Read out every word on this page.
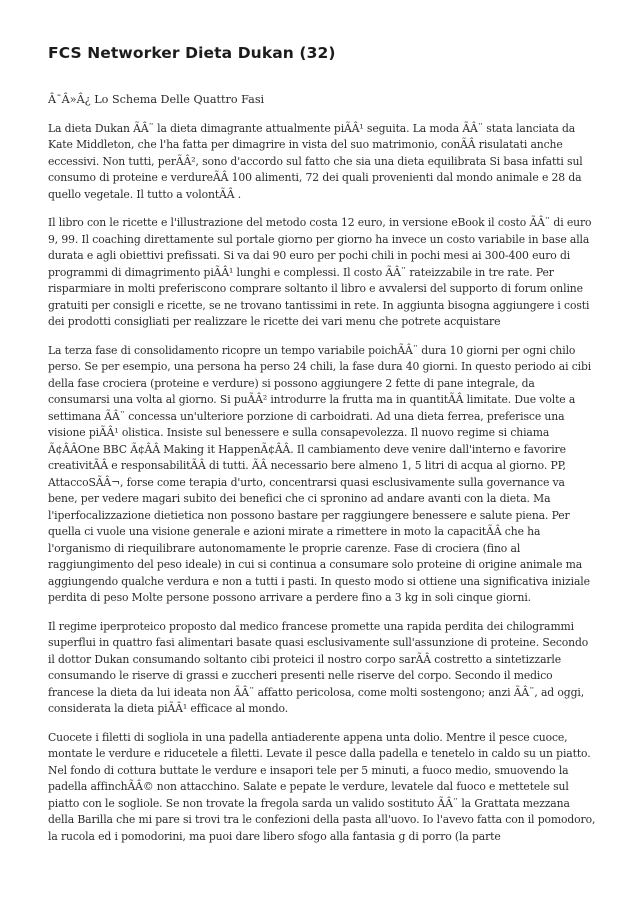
FCS Networker Dieta Dukan (32)

Â¯Â»Â¿ Lo Schema Delle Quattro Fasi

La dieta Dukan ÃÂ¨ la dieta dimagrante attualmente piÃÂ¹ seguita. La moda ÃÂ¨ stata lanciata da Kate Middleton, che l'ha fatta per dimagrire in vista del suo matrimonio, conÃÂ risulatati anche eccessivi. Non tutti, perÃÂ², sono d'accordo sul fatto che sia una dieta equilibrata Si basa infatti sul consumo di proteine e verdureÃÂ 100 alimenti, 72 dei quali provenienti dal mondo animale e 28 da quello vegetale. Il tutto a volontÃÂ .

Il libro con le ricette e l'illustrazione del metodo costa 12 euro, in versione eBook il costo ÃÂ¨ di euro 9, 99. Il coaching direttamente sul portale giorno per giorno ha invece un costo variabile in base alla durata e agli obiettivi prefissati. Si va dai 90 euro per pochi chili in pochi mesi ai 300-400 euro di programmi di dimagrimento piÃÂ¹ lunghi e complessi. Il costo ÃÂ¨ rateizzabile in tre rate. Per risparmiare in molti preferiscono comprare soltanto il libro e avvalersi del supporto di forum online gratuiti per consigli e ricette, se ne trovano tantissimi in rete. In aggiunta bisogna aggiungere i costi dei prodotti consigliati per realizzare le ricette dei vari menu che potrete acquistare

La terza fase di consolidamento ricopre un tempo variabile poichÃÂ¨ dura 10 giorni per ogni chilo perso. Se per esempio, una persona ha perso 24 chili, la fase dura 40 giorni. In questo periodo ai cibi della fase crociera (proteine e verdure) si possono aggiungere 2 fette di pane integrale, da consumarsi una volta al giorno. Si puÃÂ² introdurre la frutta ma in quantitÃÂ limitate. Due volte a settimana ÃÂ¨ concessa un'ulteriore porzione di carboidrati. Ad una dieta ferrea, preferisce una visione piÃÂ¹ olistica. Insiste sul benessere e sulla consapevolezza. Il nuovo regime si chiama Ã¢ÂÂOne BBC Ã¢ÂÂ Making it HappenÃ¢ÂÂ. Il cambiamento deve venire dall'interno e favorire creativitÃÂ e responsabilitÃÂ di tutti. ÃÂ necessario bere almeno 1, 5 litri di acqua al giorno. PP, AttaccoSÃÂ¬, forse come terapia d'urto, concentrarsi quasi esclusivamente sulla governance va bene, per vedere magari subito dei benefici che ci spronino ad andare avanti con la dieta. Ma l'iperfocalizzazione dietietica non possono bastare per raggiungere benessere e salute piena. Per quella ci vuole una visione generale e azioni mirate a rimettere in moto la capacitÃÂ che ha l'organismo di riequilibrare autonomamente le proprie carenze. Fase di crociera (fino al raggiungimento del peso ideale) in cui si continua a consumare solo proteine di origine animale ma aggiungendo qualche verdura e non a tutti i pasti. In questo modo si ottiene una significativa iniziale perdita di peso Molte persone possono arrivare a perdere fino a 3 kg in soli cinque giorni.

Il regime iperproteico proposto dal medico francese promette una rapida perdita dei chilogrammi superflui in quattro fasi alimentari basate quasi esclusivamente sull'assunzione di proteine. Secondo il dottor Dukan consumando soltanto cibi proteici il nostro corpo sarÃÂ costretto a sintetizzarle consumando le riserve di grassi e zuccheri presenti nelle riserve del corpo. Secondo il medico francese la dieta da lui ideata non ÃÂ¨ affatto pericolosa, come molti sostengono; anzi ÃÂ¨, ad oggi, considerata la dieta piÃÂ¹ efficace al mondo.

Cuocete i filetti di sogliola in una padella antiaderente appena unta dolio. Mentre il pesce cuoce, montate le verdure e riducetele a filetti. Levate il pesce dalla padella e tenetelo in caldo su un piatto. Nel fondo di cottura buttate le verdure e insapori tele per 5 minuti, a fuoco medio, smuovendo la padella affinchÃÂ© non attacchino. Salate e pepate le verdure, levatele dal fuoco e mettetele sul piatto con le sogliole. Se non trovate la fregola sarda un valido sostituto ÃÂ¨ la Grattata mezzana della Barilla che mi pare si trovi tra le confezioni della pasta all'uovo. Io l'avevo fatta con il pomodoro, la rucola ed i pomodorini, ma puoi dare libero sfogo alla fantasia g di porro (la parte
